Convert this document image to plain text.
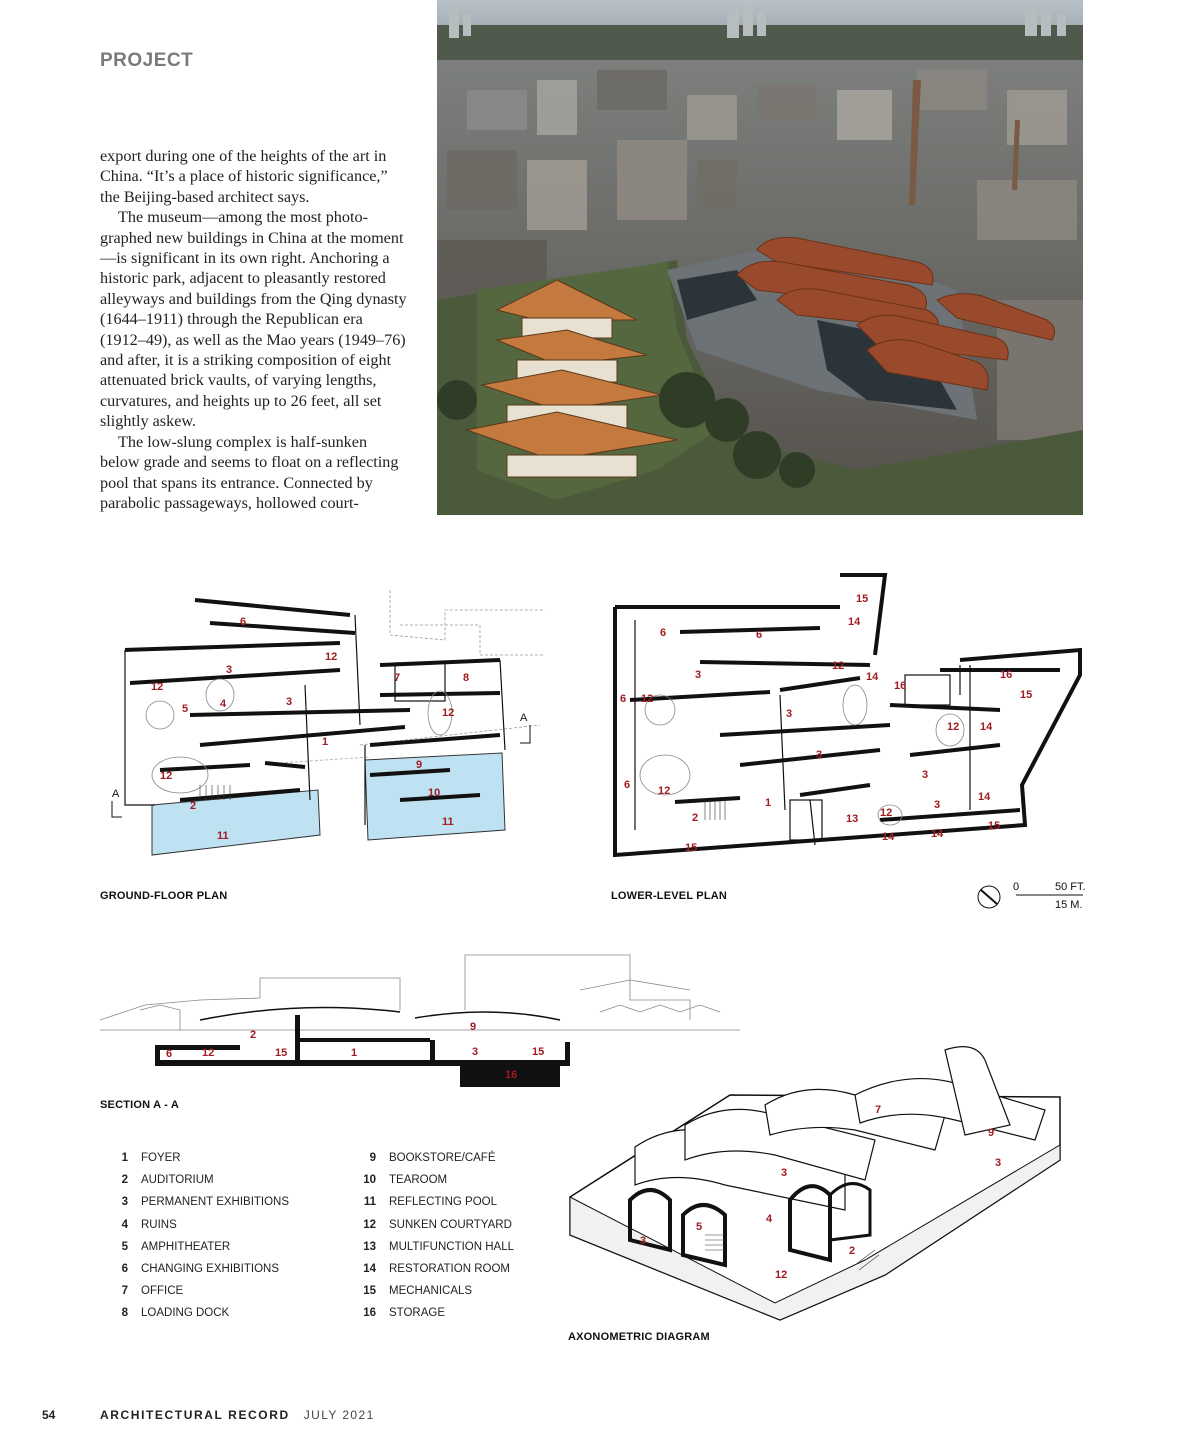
PROJECT

export during one of the heights of the art in China. “It’s a place of historic significance,” the Beijing-based architect says.

The museum—among the most photographed new buildings in China at the moment—is significant in its own right. Anchoring a historic park, adjacent to pleasantly restored alleyways and buildings from the Qing dynasty (1644–1911) through the Republican era (1912–49), as well as the Mao years (1949–76) and after, it is a striking composition of eight attenuated brick vaults, of varying lengths, curvatures, and heights up to 26 feet, all set slightly askew.

The low-slung complex is half-sunken below grade and seems to float on a reflecting pool that spans its entrance. Connected by parabolic passageways, hollowed court-

A
A
6
3
12
12
5	4	3
1
7	8
12
12
9
10
2
11
11
GROUND-FLOOR PLAN
15
14
6	6
3
12
14
16
16
15
6 12
3
12 14
3
6	12
3
14
1
13
3
12
14	14
15
2
15
LOWER-LEVEL PLAN
0	50 FT.
15 M.
2
9
6	12	15	1	3	15
16
SECTION A - A
1	FOYER
2	AUDITORIUM
3	PERMANENT EXHIBITIONS
4	RUINS
5	AMPHITHEATER
6	CHANGING EXHIBITIONS
7	OFFICE
8	LOADING DOCK
9	BOOKSTORE/CAFÉ
10	TEAROOM
11	REFLECTING POOL
12	SUNKEN COURTYARD
13	MULTIFUNCTION HALL
14	RESTORATION ROOM
15	MECHANICALS
16	STORAGE
7
9
3
3
5
3
4
12
2
AXONOMETRIC DIAGRAM
54	ARCHITECTURAL RECORD JULY 2021
